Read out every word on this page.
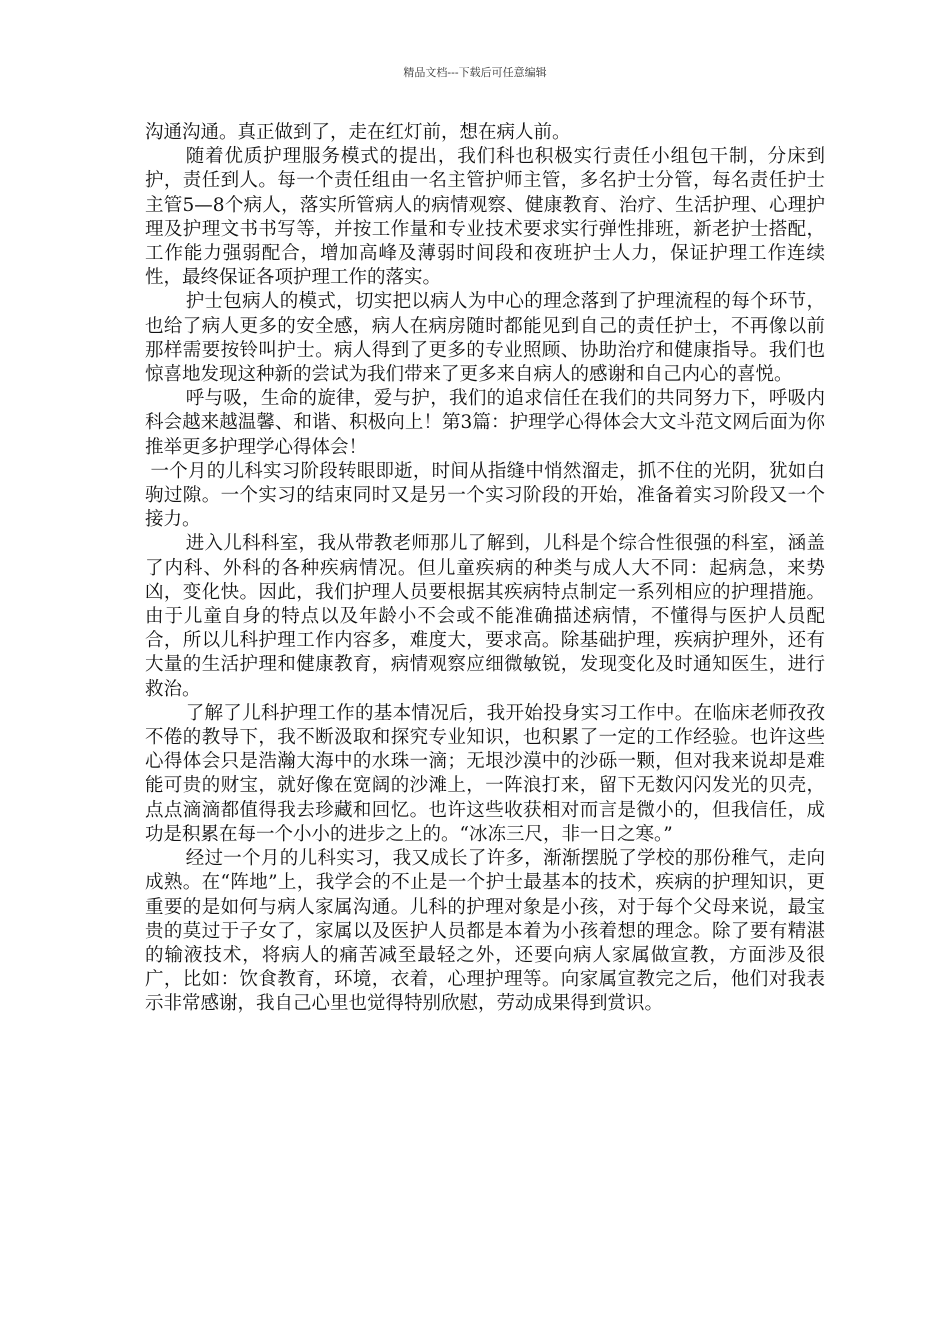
精品文档---下载后可任意编辑

沟通沟通。真正做到了，走在红灯前，想在病人前。

随着优质护理服务模式的提出，我们科也积极实行责任小组包干制，分床到护，责任到人。每一个责任组由一名主管护师主管，多名护士分管，每名责任护士主管5—8个病人，落实所管病人的病情观察、健康教育、治疗、生活护理、心理护理及护理文书书写等，并按工作量和专业技术要求实行弹性排班，新老护士搭配，工作能力强弱配合，增加高峰及薄弱时间段和夜班护士人力，保证护理工作连续性，最终保证各项护理工作的落实。

护士包病人的模式，切实把以病人为中心的理念落到了护理流程的每个环节，也给了病人更多的安全感，病人在病房随时都能见到自己的责任护士，不再像以前那样需要按铃叫护士。病人得到了更多的专业照顾、协助治疗和健康指导。我们也惊喜地发现这种新的尝试为我们带来了更多来自病人的感谢和自己内心的喜悦。

呼与吸，生命的旋律，爱与护，我们的追求信任在我们的共同努力下，呼吸内科会越来越温馨、和谐、积极向上！第3篇：护理学心得体会大文斗范文网后面为你推举更多护理学心得体会！

一个月的儿科实习阶段转眼即逝，时间从指缝中悄然溜走，抓不住的光阴，犹如白驹过隙。一个实习的结束同时又是另一个实习阶段的开始，准备着实习阶段又一个接力。

进入儿科科室，我从带教老师那儿了解到，儿科是个综合性很强的科室，涵盖了内科、外科的各种疾病情况。但儿童疾病的种类与成人大不同：起病急，来势凶，变化快。因此，我们护理人员要根据其疾病特点制定一系列相应的护理措施。由于儿童自身的特点以及年龄小不会或不能准确描述病情，不懂得与医护人员配合，所以儿科护理工作内容多，难度大，要求高。除基础护理，疾病护理外，还有大量的生活护理和健康教育，病情观察应细微敏锐，发现变化及时通知医生，进行救治。

了解了儿科护理工作的基本情况后，我开始投身实习工作中。在临床老师孜孜不倦的教导下，我不断汲取和探究专业知识，也积累了一定的工作经验。也许这些心得体会只是浩瀚大海中的水珠一滴；无垠沙漠中的沙砾一颗，但对我来说却是难能可贵的财宝，就好像在宽阔的沙滩上，一阵浪打来，留下无数闪闪发光的贝壳，点点滴滴都值得我去珍藏和回忆。也许这些收获相对而言是微小的，但我信任，成功是积累在每一个小小的进步之上的。“冰冻三尺，非一日之寒。”

经过一个月的儿科实习，我又成长了许多，渐渐摆脱了学校的那份稚气，走向成熟。在“阵地”上，我学会的不止是一个护士最基本的技术，疾病的护理知识，更重要的是如何与病人家属沟通。儿科的护理对象是小孩，对于每个父母来说，最宝贵的莫过于子女了，家属以及医护人员都是本着为小孩着想的理念。除了要有精湛的输液技术，将病人的痛苦减至最轻之外，还要向病人家属做宣教，方面涉及很广，比如：饮食教育，环境，衣着，心理护理等。向家属宣教完之后，他们对我表示非常感谢，我自己心里也觉得特别欣慰，劳动成果得到赏识。
